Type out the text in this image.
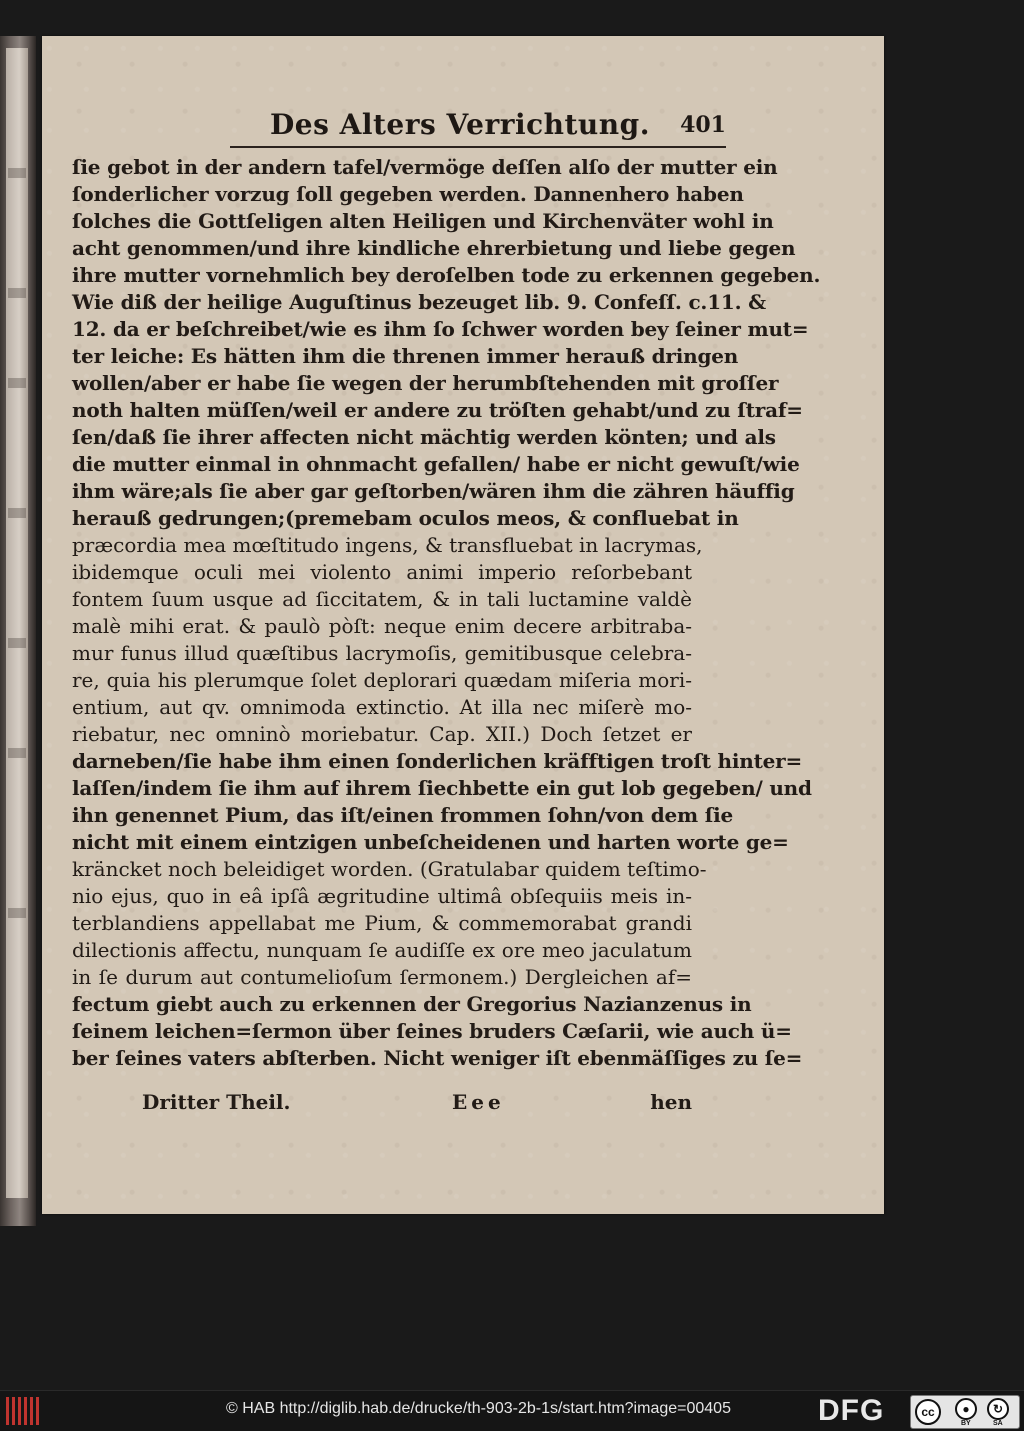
Des Alters Verrichtung. 401
ſie gebot in der andern tafel/vermöge deſſen alſo der mutter ein
ſonderlicher vorzug ſoll gegeben werden. Dannenhero haben
ſolches die Gottſeligen alten Heiligen und Kirchenväter wohl in
acht genommen/und ihre kindliche ehrerbietung und liebe gegen
ihre mutter vornehmlich bey deroſelben tode zu erkennen gegeben.
Wie diß der heilige Auguſtinus bezeuget lib. 9. Confeſſ. c.11. &
12. da er beſchreibet/wie es ihm ſo ſchwer worden bey ſeiner mut=
ter leiche: Es hätten ihm die threnen immer herauß dringen
wollen/aber er habe ſie wegen der herumbſtehenden mit groſſer
noth halten müſſen/weil er andere zu tröſten gehabt/und zu ſtraf=
ſen/daß ſie ihrer affecten nicht mächtig werden könten; und als
die mutter einmal in ohnmacht gefallen/ habe er nicht gewuſt/wie
ihm wäre;als ſie aber gar geſtorben/wären ihm die zähren häuffig
herauß gedrungen;(premebam oculos meos, & confluebat in
præcordia mea mœſtitudo ingens, & transfluebat in lacrymas,
ibidemque oculi mei violento animi imperio reſorbebant
fontem ſuum usque ad ſiccitatem, & in tali luctamine valdè
malè mihi erat. & paulò pòſt: neque enim decere arbitraba-
mur funus illud quæſtibus lacrymoſis, gemitibusque celebra-
re, quia his plerumque ſolet deplorari quædam miſeria mori-
entium, aut qv. omnimoda extinctio. At illa nec miſerè mo-
riebatur, nec omninò moriebatur. Cap. XII.) Doch ſetzet er
darneben/ſie habe ihm einen ſonderlichen kräfftigen troſt hinter=
laſſen/indem ſie ihm auf ihrem ſiechbette ein gut lob gegeben/ und
ihn genennet Pium, das iſt/einen frommen ſohn/von dem ſie
nicht mit einem eintzigen unbeſcheidenen und harten worte ge=
kräncket noch beleidiget worden. (Gratulabar quidem teſtimo-
nio ejus, quo in eâ ipſâ ægritudine ultimâ obſequiis meis in-
terblandiens appellabat me Pium, & commemorabat grandi
dilectionis affectu, nunquam ſe audiſſe ex ore meo jaculatum
in ſe durum aut contumelioſum ſermonem.) Dergleichen af=
fectum giebt auch zu erkennen der Gregorius Nazianzenus in
ſeinem leichen=ſermon über ſeines bruders Cæſarii, wie auch ü=
ber ſeines vaters abſterben. Nicht weniger iſt ebenmäſſiges zu ſe=
Dritter Theil.	Eee	hen
© HAB http://diglib.hab.de/drucke/th-903-2b-1s/start.htm?image=00405	DFG	cc	●	↻
BY	SA
